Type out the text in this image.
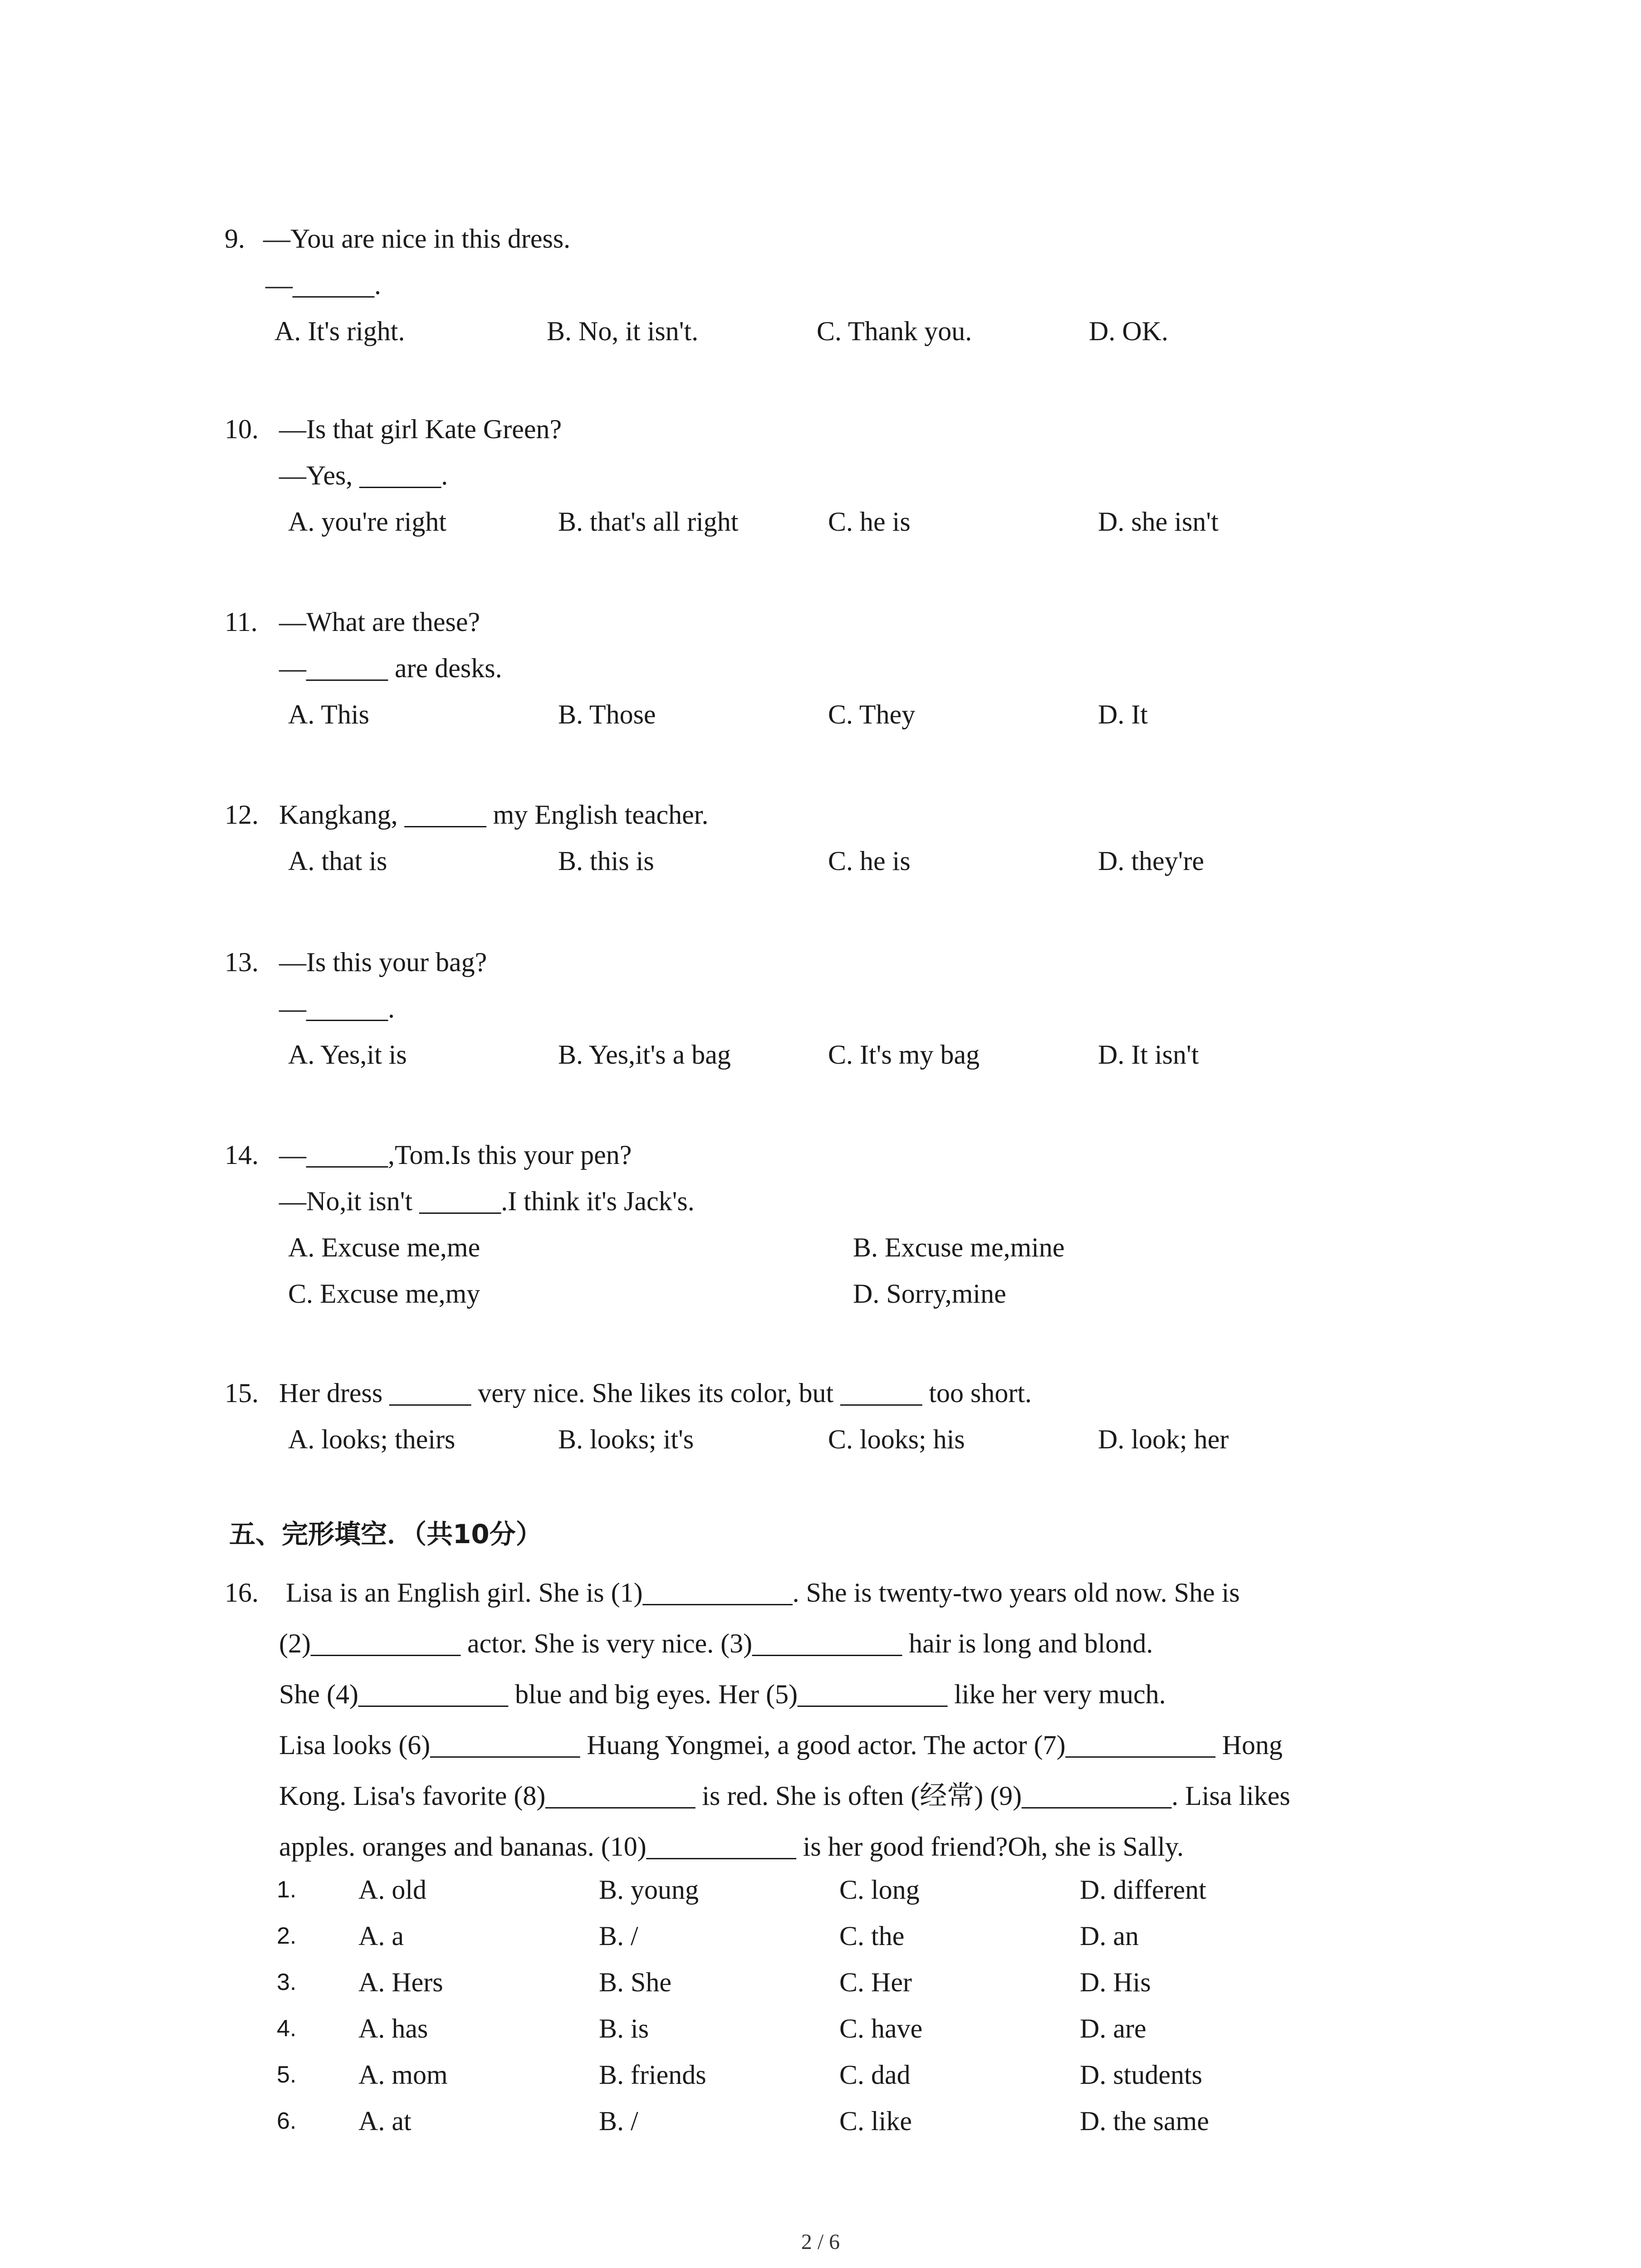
9. —You are nice in this dress.
—______.
A. It's right.	B. No, it isn't.	C. Thank you.	D. OK.
10. —Is that girl Kate Green?
—Yes, ______.
A. you're right	B. that's all right	C. he is	D. she isn't
11. —What are these?
—______ are desks.
A. This	B. Those	C. They	D. It
12. Kangkang, ______ my English teacher.
A. that is	B. this is	C. he is	D. they're
13. —Is this your bag?
—______.
A. Yes,it is	B. Yes,it's a bag	C. It's my bag	D. It isn't
14. —______,Tom.Is this your pen?
—No,it isn't ______.I think it's Jack's.
A. Excuse me,me	B. Excuse me,mine
C. Excuse me,my	D. Sorry,mine
15. Her dress ______ very nice. She likes its color, but ______ too short.
A. looks; theirs	B. looks; it's	C. looks; his	D. look; her
五、完形填空．（共10分）
16. Lisa is an English girl. She is (1)___________. She is twenty-two years old now. She is
(2)___________ actor. She is very nice. (3)___________ hair is long and blond.
She (4)___________ blue and big eyes. Her (5)___________ like her very much.
Lisa looks (6)___________ Huang Yongmei, a good actor. The actor (7)___________ Hong
Kong. Lisa's favorite (8)___________ is red. She is often (经常) (9)___________. Lisa likes
apples. oranges and bananas. (10)___________ is her good friend?Oh, she is Sally.
1. A. old	B. young	C. long	D. different
2. A. a	B. /	C. the	D. an
3. A. Hers	B. She	C. Her	D. His
4. A. has	B. is	C. have	D. are
5. A. mom	B. friends	C. dad	D. students
6. A. at	B. /	C. like	D. the same
2 / 6
